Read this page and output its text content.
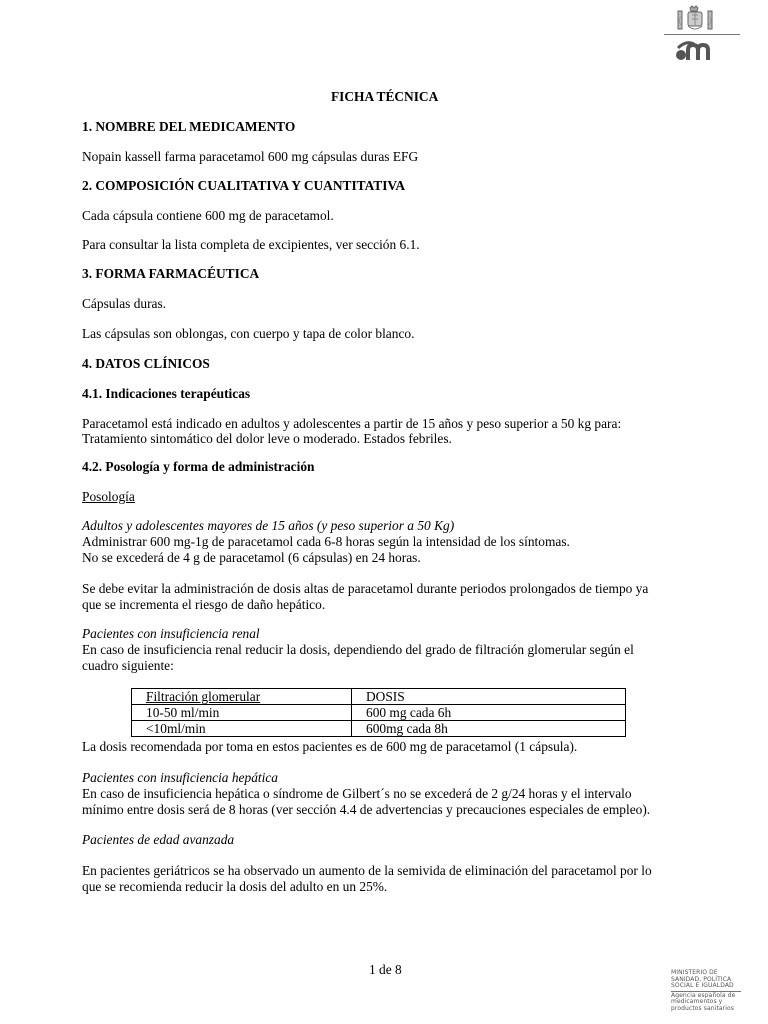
FICHA TÉCNICA
1. NOMBRE DEL MEDICAMENTO
Nopain kassell farma paracetamol 600 mg cápsulas duras EFG
2. COMPOSICIÓN CUALITATIVA Y CUANTITATIVA
Cada cápsula contiene 600 mg de paracetamol.
Para consultar la lista completa de excipientes, ver sección 6.1.
3. FORMA FARMACÉUTICA
Cápsulas duras.
Las cápsulas son oblongas, con cuerpo y tapa de color blanco.
4. DATOS CLÍNICOS
4.1. Indicaciones terapéuticas
Paracetamol está indicado en adultos y adolescentes a partir de 15 años y peso superior a 50 kg para:
Tratamiento sintomático del dolor leve o moderado. Estados febriles.
4.2. Posología y forma de administración
Posología
Adultos y adolescentes mayores de 15 años (y peso superior a 50 Kg)
Administrar 600 mg-1g de paracetamol cada 6-8 horas según la intensidad de los síntomas.
No se excederá de 4 g de paracetamol (6 cápsulas) en 24 horas.
Se debe evitar la administración de dosis altas de paracetamol durante periodos prolongados de tiempo ya
que se incrementa el riesgo de daño hepático.
Pacientes con insuficiencia renal
En caso de insuficiencia renal reducir la dosis, dependiendo del grado de filtración glomerular según el
cuadro siguiente:
Filtración glomerular	DOSIS
10-50 ml/min	600 mg cada 6h
<10ml/min	600mg cada 8h
La dosis recomendada por toma en estos pacientes es de 600 mg de paracetamol (1 cápsula).
Pacientes con insuficiencia hepática
En caso de insuficiencia hepática o síndrome de Gilbert´s no se excederá de 2 g/24 horas y el intervalo
mínimo entre dosis será de 8 horas (ver sección 4.4 de advertencias y precauciones especiales de empleo).
Pacientes de edad avanzada
En pacientes geriátricos se ha observado un aumento de la semivida de eliminación del paracetamol por lo
que se recomienda reducir la dosis del adulto en un 25%.
1 de 8	MINISTERIO DE
SANIDAD, POLÍTICA
SOCIAL E IGUALDAD
Agencia española de
medicamentos y
productos sanitarios
